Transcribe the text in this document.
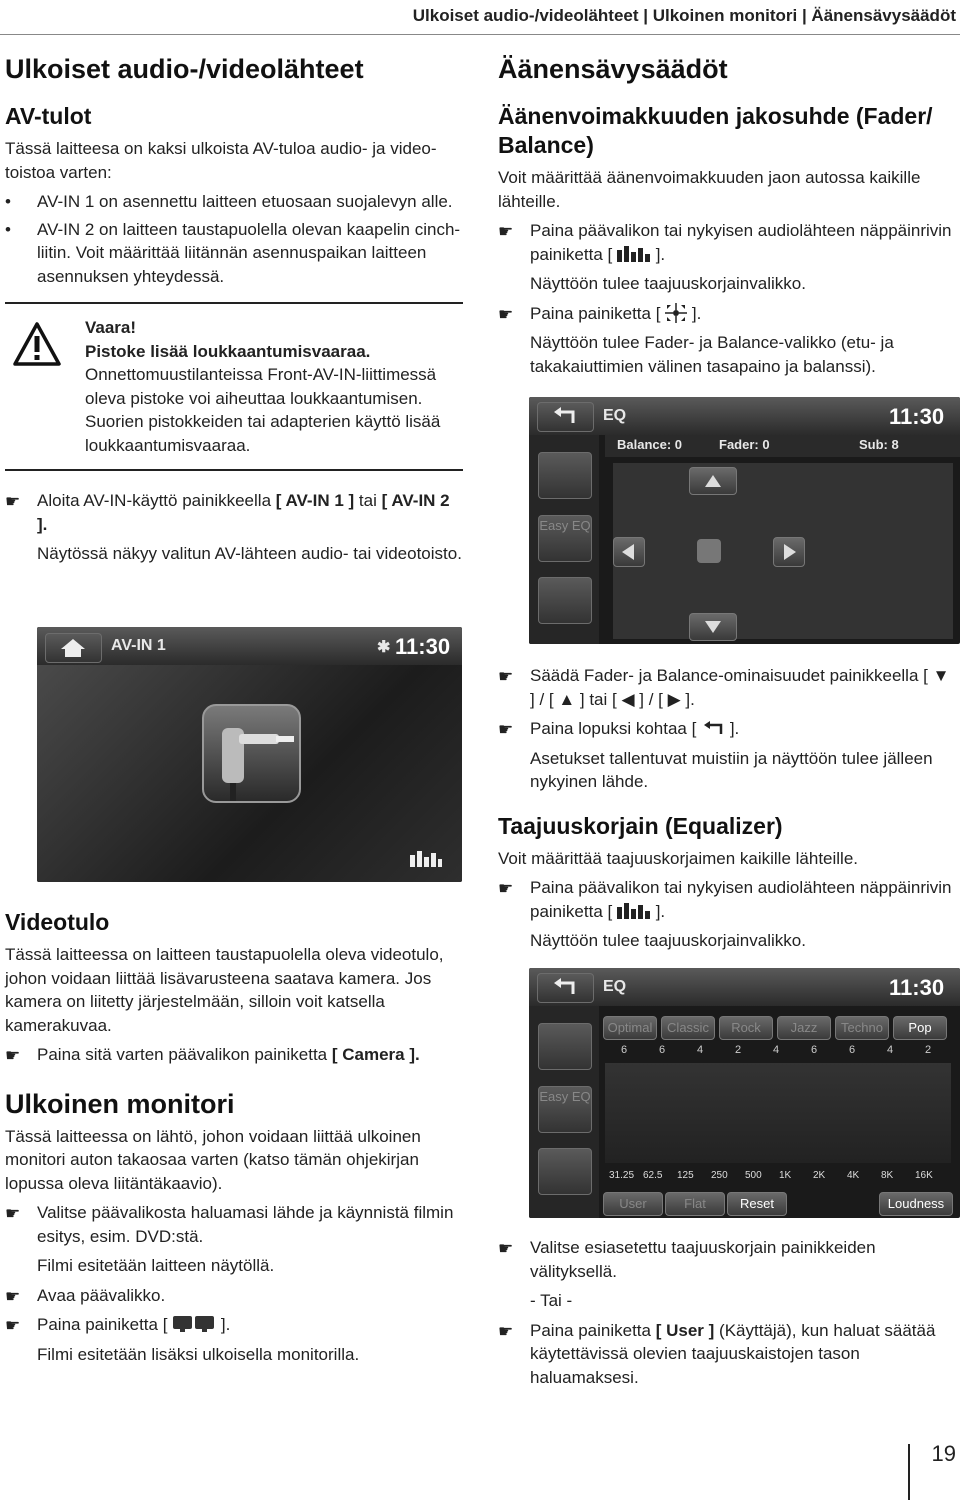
Ulkoiset audio-/videolähteet | Ulkoinen monitori | Äänensävysäädöt
Ulkoiset audio-/videolähteet
AV-tulot

Tässä laitteesa on kaksi ulkoista AV-tuloa audio- ja video-toistoa varten:

• AV-IN 1 on asennettu laitteen etuosaan suojalevyn alle.
• AV-IN 2 on laitteen taustapuolella olevan kaapelin cinch-liitin. Voit määrittää liitännän asennuspaikan laitteen asennuksen yhteydessä.
Vaara!
Pistoke lisää loukkaantumisvaaraa.
Onnettomuustilanteissa Front-AV-IN-liittimessä oleva pistoke voi aiheuttaa loukkaantumisen. Suorien pistokkeiden tai adapterien käyttö lisää loukkaantumisvaaraa.
☛ Aloita AV-IN-käyttö painikkeella [ AV-IN 1 ] tai [ AV-IN 2 ].
Näytössä näkyy valitun AV-lähteen audio- tai videotoisto.
AV-IN 1	✱ 11:30
Videotulo

Tässä laitteessa on laitteen taustapuolella oleva videotulo, johon voidaan liittää lisävarusteena saatava kamera. Jos kamera on liitetty järjestelmään, silloin voit katsella kamerakuvaa.

☛ Paina sitä varten päävalikon painiketta [ Camera ].
Ulkoinen monitori

Tässä laitteessa on lähtö, johon voidaan liittää ulkoinen monitori auton takaosaa varten (katso tämän ohjekirjan lopussa oleva liitäntäkaavio).

☛ Valitse päävalikosta haluamasi lähde ja käynnistä filmin esitys, esim. DVD:stä.
Filmi esitetään laitteen näytöllä.
☛ Avaa päävalikko.
☛ Paina painiketta [	].
Filmi esitetään lisäksi ulkoisella monitorilla.
Äänensävysäädöt
Äänenvoimakkuuden jakosuhde (Fader/ Balance)

Voit määrittää äänenvoimakkuuden jaon autossa kaikille lähteille.

☛ Paina päävalikon tai nykyisen audiolähteen näppäinrivin painiketta [	].
Näyttöön tulee taajuuskorjainvalikko.
☛ Paina painiketta [ ].
Näyttöön tulee Fader- ja Balance-valikko (etu- ja takakaiuttimien välinen tasapaino ja balanssi).
EQ	11:30
Balance: 0	Fader: 0	Sub: 8
Easy EQ
☛ Säädä Fader- ja Balance-ominaisuudet painikkeella [ ▼ ] / [ ▲ ] tai [ ◀ ] / [ ▶ ].
☛ Paina lopuksi kohtaa [ ].
Asetukset tallentuvat muistiin ja näyttöön tulee jälleen nykyinen lähde.
Taajuuskorjain (Equalizer)

Voit määrittää taajuuskorjaimen kaikille lähteille.

☛ Paina päävalikon tai nykyisen audiolähteen näppäinrivin painiketta [	].
Näyttöön tulee taajuuskorjainvalikko.
EQ	11:30
Easy EQ
Optimal	Classic	Rock	Jazz	Techno	Pop
User	Flat	Reset	Loudness
6	6	4	2	4	6	6	4	2
31.25 62.5 125 250 500 1K 2K 4K 8K 16K
☛ Valitse esiasetettu taajuuskorjain painikkeiden välityksellä.
- Tai -
☛ Paina painiketta [ User ] (Käyttäjä), kun haluat säätää käytettävissä olevien taajuuskaistojen tason haluamaksesi.
19
